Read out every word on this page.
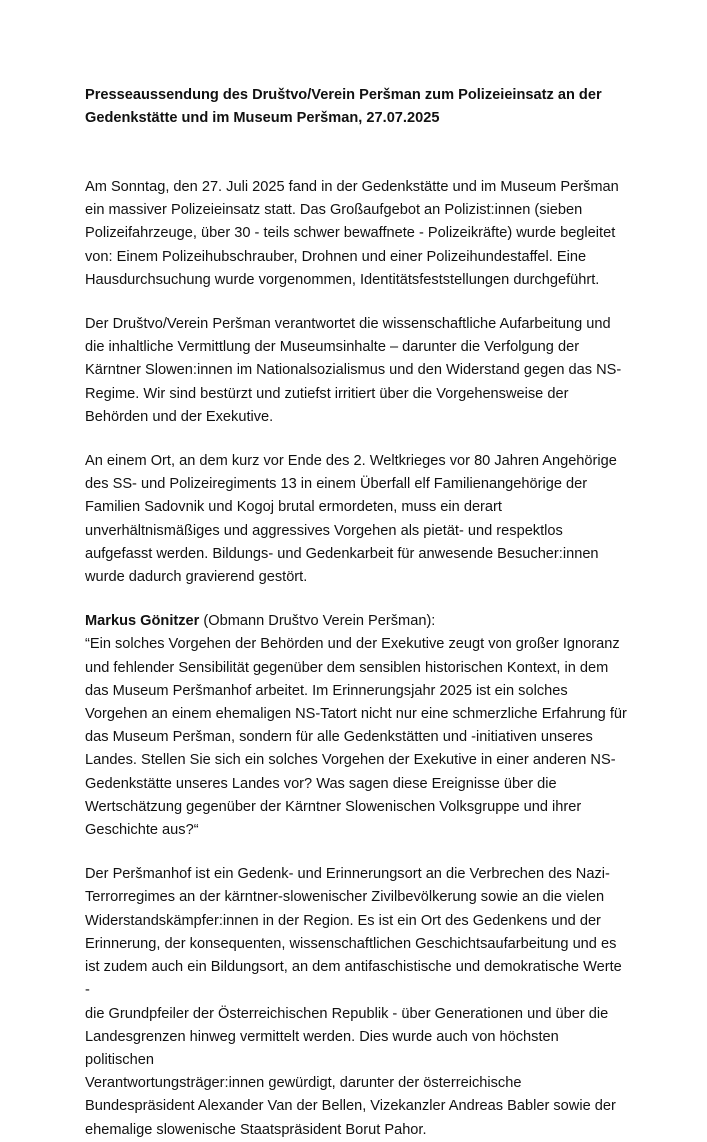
Presseaussendung des Društvo/Verein Peršman zum Polizeieinsatz an der
Gedenkstätte und im Museum Peršman, 27.07.2025

Am Sonntag, den 27. Juli 2025 fand in der Gedenkstätte und im Museum Peršman
ein massiver Polizeieinsatz statt. Das Großaufgebot an Polizist:innen (sieben
Polizeifahrzeuge, über 30 - teils schwer bewaffnete - Polizeikräfte) wurde begleitet
von: Einem Polizeihubschrauber, Drohnen und einer Polizeihundestaffel. Eine
Hausdurchsuchung wurde vorgenommen, Identitätsfeststellungen durchgeführt.

Der Društvo/Verein Peršman verantwortet die wissenschaftliche Aufarbeitung und
die inhaltliche Vermittlung der Museumsinhalte – darunter die Verfolgung der
Kärntner Slowen:innen im Nationalsozialismus und den Widerstand gegen das NS-
Regime. Wir sind bestürzt und zutiefst irritiert über die Vorgehensweise der
Behörden und der Exekutive.

An einem Ort, an dem kurz vor Ende des 2. Weltkrieges vor 80 Jahren Angehörige
des SS- und Polizeiregiments 13 in einem Überfall elf Familienangehörige der
Familien Sadovnik und Kogoj brutal ermordeten, muss ein derart
unverhältnismäßiges und aggressives Vorgehen als pietät- und respektlos
aufgefasst werden. Bildungs- und Gedenkarbeit für anwesende Besucher:innen
wurde dadurch gravierend gestört.

Markus Gönitzer (Obmann Društvo Verein Peršman):
“Ein solches Vorgehen der Behörden und der Exekutive zeugt von großer Ignoranz
und fehlender Sensibilität gegenüber dem sensiblen historischen Kontext, in dem
das Museum Peršmanhof arbeitet. Im Erinnerungsjahr 2025 ist ein solches
Vorgehen an einem ehemaligen NS-Tatort nicht nur eine schmerzliche Erfahrung für
das Museum Peršman, sondern für alle Gedenkstätten und -initiativen unseres
Landes. Stellen Sie sich ein solches Vorgehen der Exekutive in einer anderen NS-
Gedenkstätte unseres Landes vor? Was sagen diese Ereignisse über die
Wertschätzung gegenüber der Kärntner Slowenischen Volksgruppe und ihrer
Geschichte aus?“

Der Peršmanhof ist ein Gedenk- und Erinnerungsort an die Verbrechen des Nazi-
Terrorregimes an der kärntner-slowenischer Zivilbevölkerung sowie an die vielen
Widerstandskämpfer:innen in der Region. Es ist ein Ort des Gedenkens und der
Erinnerung, der konsequenten, wissenschaftlichen Geschichtsaufarbeitung und es
ist zudem auch ein Bildungsort, an dem antifaschistische und demokratische Werte -
die Grundpfeiler der Österreichischen Republik - über Generationen und über die
Landesgrenzen hinweg vermittelt werden. Dies wurde auch von höchsten politischen
Verantwortungsträger:innen gewürdigt, darunter der österreichische
Bundespräsident Alexander Van der Bellen, Vizekanzler Andreas Babler sowie der
ehemalige slowenische Staatspräsident Borut Pahor.
